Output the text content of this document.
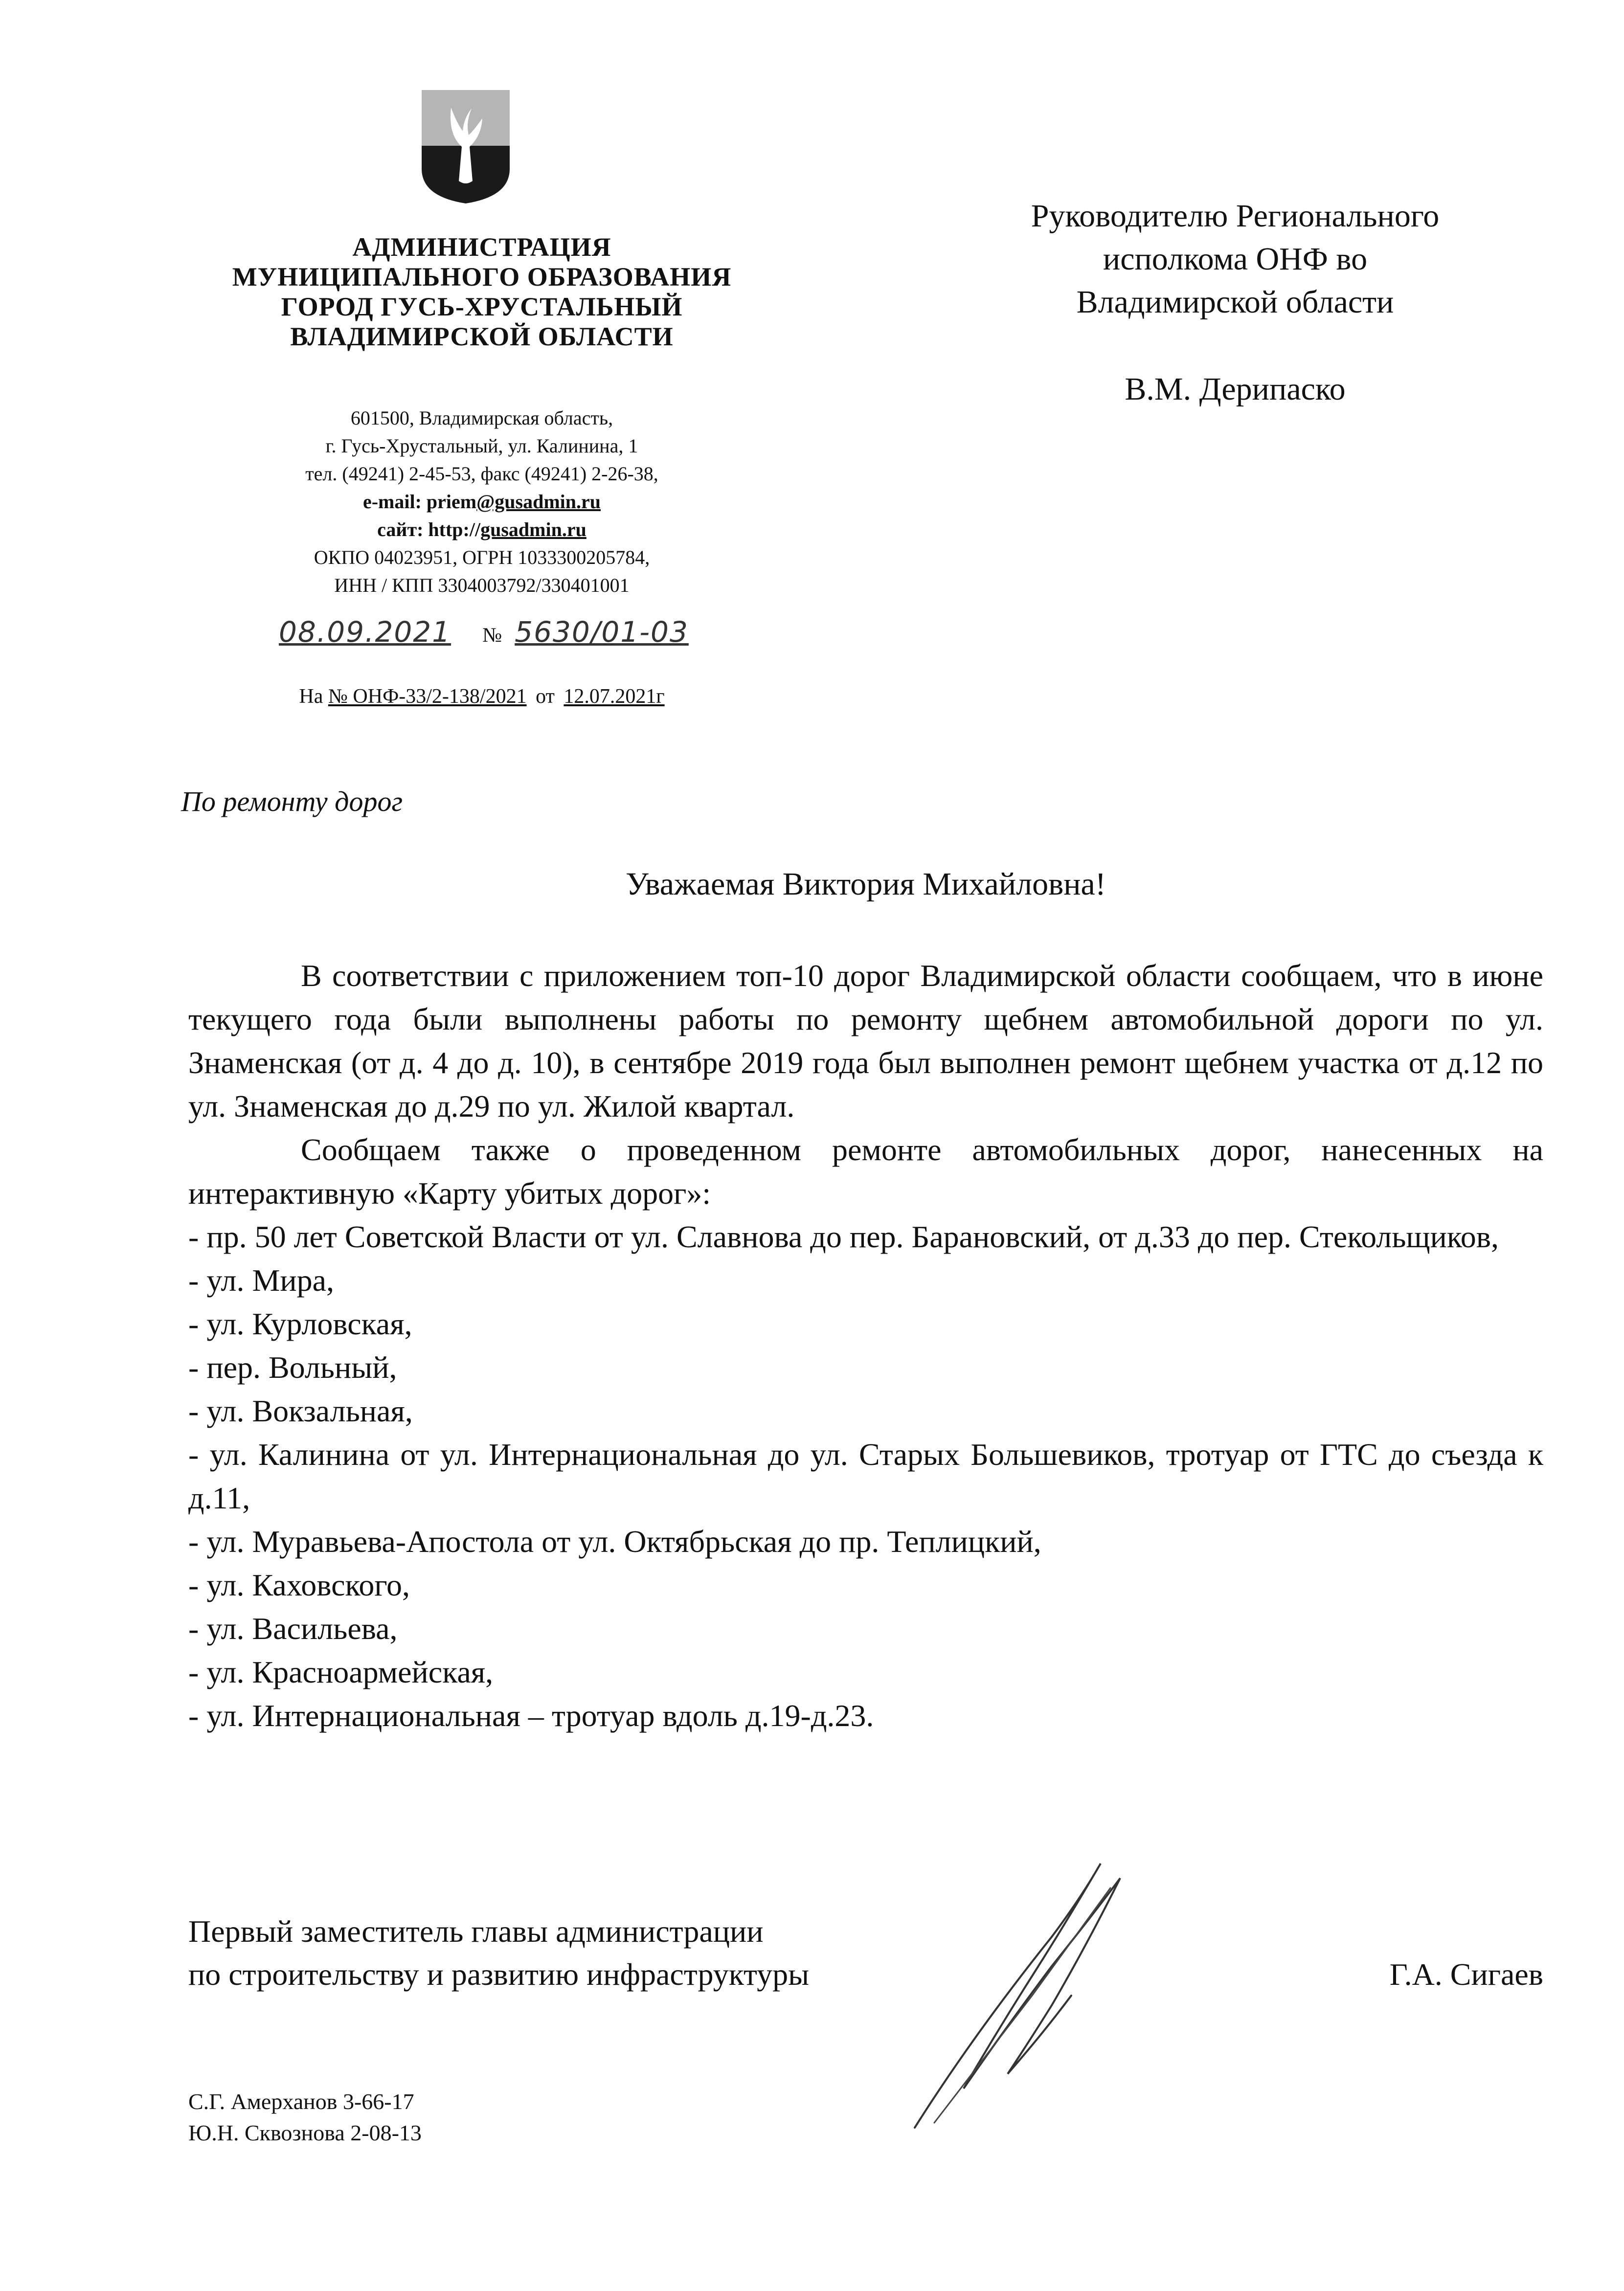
АДМИНИСТРАЦИЯ
МУНИЦИПАЛЬНОГО ОБРАЗОВАНИЯ
ГОРОД ГУСЬ-ХРУСТАЛЬНЫЙ
ВЛАДИМИРСКОЙ ОБЛАСТИ
601500, Владимирская область,
г. Гусь-Хрустальный, ул. Калинина, 1
тел. (49241) 2-45-53, факс (49241) 2-26-38,
e-mail: priem@gusadmin.ru
сайт: http://gusadmin.ru
ОКПО 04023951, ОГРН 1033300205784,
ИНН / КПП 3304003792/330401001
08.09.2021 № 5630/01-03
На № ОНФ-33/2-138/2021 от 12.07.2021г
Руководителю Регионального
исполкома ОНФ во
Владимирской области
В.М. Дерипаско
По ремонту дорог
Уважаемая Виктория Михайловна!

В соответствии с приложением топ-10 дорог Владимирской области сообщаем, что в июне текущего года были выполнены работы по ремонту щебнем автомобильной дороги по ул. Знаменская (от д. 4 до д. 10), в сентябре 2019 года был выполнен ремонт щебнем участка от д.12 по ул. Знаменская до д.29 по ул. Жилой квартал.

Сообщаем также о проведенном ремонте автомобильных дорог, нанесенных на интерактивную «Карту убитых дорог»:

- пр. 50 лет Советской Власти от ул. Славнова до пер. Барановский, от д.33 до пер. Стекольщиков,

- ул. Мира,

- ул. Курловская,

- пер. Вольный,

- ул. Вокзальная,

- ул. Калинина от ул. Интернациональная до ул. Старых Большевиков, тротуар от ГТС до съезда к д.11,

- ул. Муравьева-Апостола от ул. Октябрьская до пр. Теплицкий,

- ул. Каховского,

- ул. Васильева,

- ул. Красноармейская,

- ул. Интернациональная – тротуар вдоль д.19-д.23.

Первый заместитель главы администрации
по строительству и развитию инфраструктуры	Г.А. Сигаев
С.Г. Амерханов 3-66-17
Ю.Н. Сквознова 2-08-13
